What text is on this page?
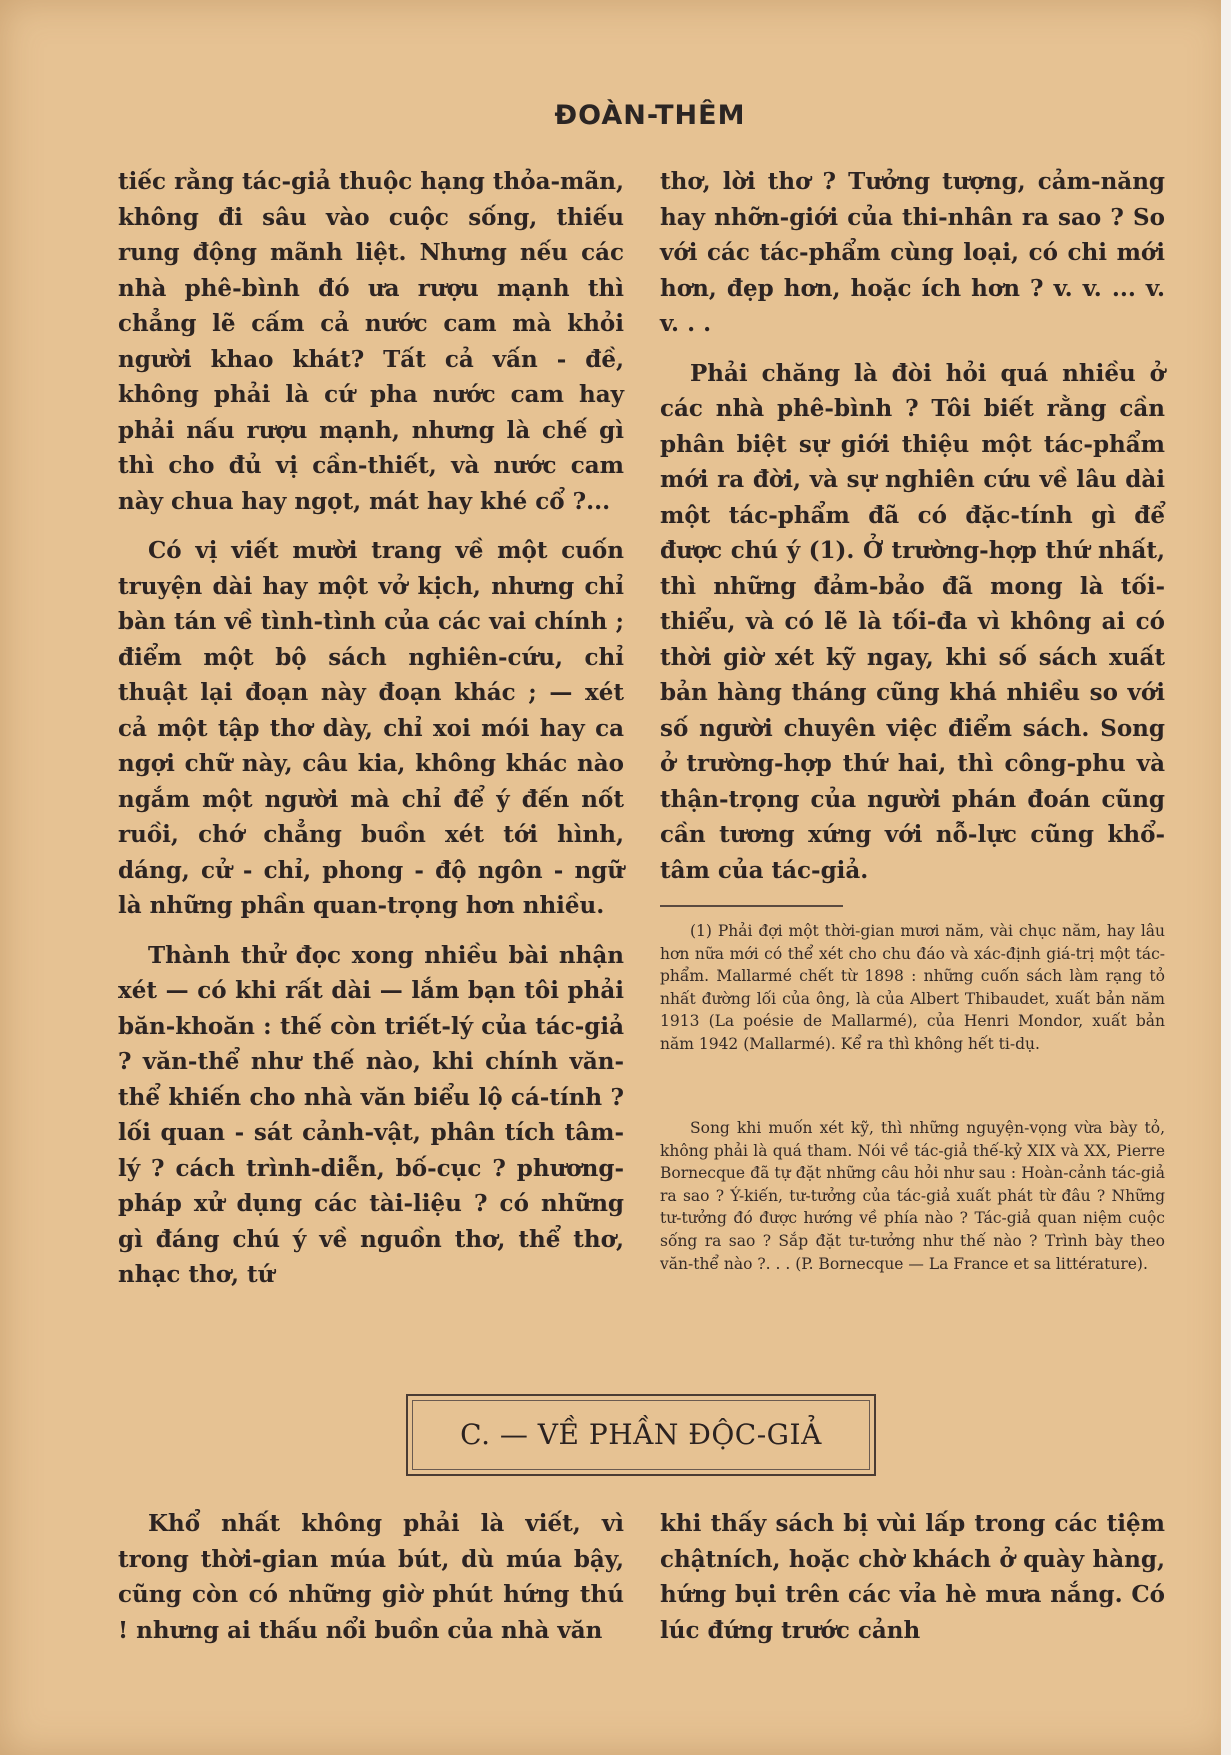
ĐOÀN-THÊM

tiếc rằng tác-giả thuộc hạng thỏa-mãn, không đi sâu vào cuộc sống, thiếu rung động mãnh liệt. Nhưng nếu các nhà phê-bình đó ưa rượu mạnh thì chẳng lẽ cấm cả nước cam mà khỏi người khao khát? Tất cả vấn - đề, không phải là cứ pha nước cam hay phải nấu rượu mạnh, nhưng là chế gì thì cho đủ vị cần-thiết, và nước cam này chua hay ngọt, mát hay khé cổ ?...

Có vị viết mười trang về một cuốn truyện dài hay một vở kịch, nhưng chỉ bàn tán về tình-tình của các vai chính ; điểm một bộ sách nghiên-cứu, chỉ thuật lại đoạn này đoạn khác ; — xét cả một tập thơ dày, chỉ xoi mói hay ca ngợi chữ này, câu kia, không khác nào ngắm một người mà chỉ để ý đến nốt ruồi, chớ chẳng buồn xét tới hình, dáng, cử - chỉ, phong - độ ngôn - ngữ là những phần quan-trọng hơn nhiều.

Thành thử đọc xong nhiều bài nhận xét — có khi rất dài — lắm bạn tôi phải băn-khoăn : thế còn triết-lý của tác-giả ? văn-thể như thế nào, khi chính văn-thể khiến cho nhà văn biểu lộ cá-tính ? lối quan - sát cảnh-vật, phân tích tâm-lý ? cách trình-diễn, bố-cục ? phương-pháp xử dụng các tài-liệu ? có những gì đáng chú ý về nguồn thơ, thể thơ, nhạc thơ, tứ

thơ, lời thơ ? Tưởng tượng, cảm-năng hay nhỡn-giới của thi-nhân ra sao ? So với các tác-phẩm cùng loại, có chi mới hơn, đẹp hơn, hoặc ích hơn ? v. v. ... v. v. . .

Phải chăng là đòi hỏi quá nhiều ở các nhà phê-bình ? Tôi biết rằng cần phân biệt sự giới thiệu một tác-phẩm mới ra đời, và sự nghiên cứu về lâu dài một tác-phẩm đã có đặc-tính gì để được chú ý (1). Ở trường-hợp thứ nhất, thì những đảm-bảo đã mong là tối-thiểu, và có lẽ là tối-đa vì không ai có thời giờ xét kỹ ngay, khi số sách xuất bản hàng tháng cũng khá nhiều so với số người chuyên việc điểm sách. Song ở trường-hợp thứ hai, thì công-phu và thận-trọng của người phán đoán cũng cần tương xứng với nỗ-lực cũng khổ-tâm của tác-giả.

(1) Phải đợi một thời-gian mươi năm, vài chục năm, hay lâu hơn nữa mới có thể xét cho chu đáo và xác-định giá-trị một tác-phẩm. Mallarmé chết từ 1898 : những cuốn sách làm rạng tỏ nhất đường lối của ông, là của Albert Thibaudet, xuất bản năm 1913 (La poésie de Mallarmé), của Henri Mondor, xuất bản năm 1942 (Mallarmé). Kể ra thì không hết ti-dụ.

Song khi muốn xét kỹ, thì những nguyện-vọng vừa bày tỏ, không phải là quá tham. Nói về tác-giả thế-kỷ XIX và XX, Pierre Bornecque đã tự đặt những câu hỏi như sau : Hoàn-cảnh tác-giả ra sao ? Ý-kiến, tư-tưởng của tác-giả xuất phát từ đâu ? Những tư-tưởng đó được hướng về phía nào ? Tác-giả quan niệm cuộc sống ra sao ? Sắp đặt tư-tưởng như thế nào ? Trình bày theo văn-thể nào ?. . . (P. Bornecque — La France et sa littérature).

C. — VỀ PHẦN ĐỘC-GIẢ

Khổ nhất không phải là viết, vì trong thời-gian múa bút, dù múa bậy, cũng còn có những giờ phút hứng thú ! nhưng ai thấu nổi buồn của nhà văn

khi thấy sách bị vùi lấp trong các tiệm chậtních, hoặc chờ khách ở quày hàng, hứng bụi trên các vỉa hè mưa nắng. Có lúc đứng trước cảnh
